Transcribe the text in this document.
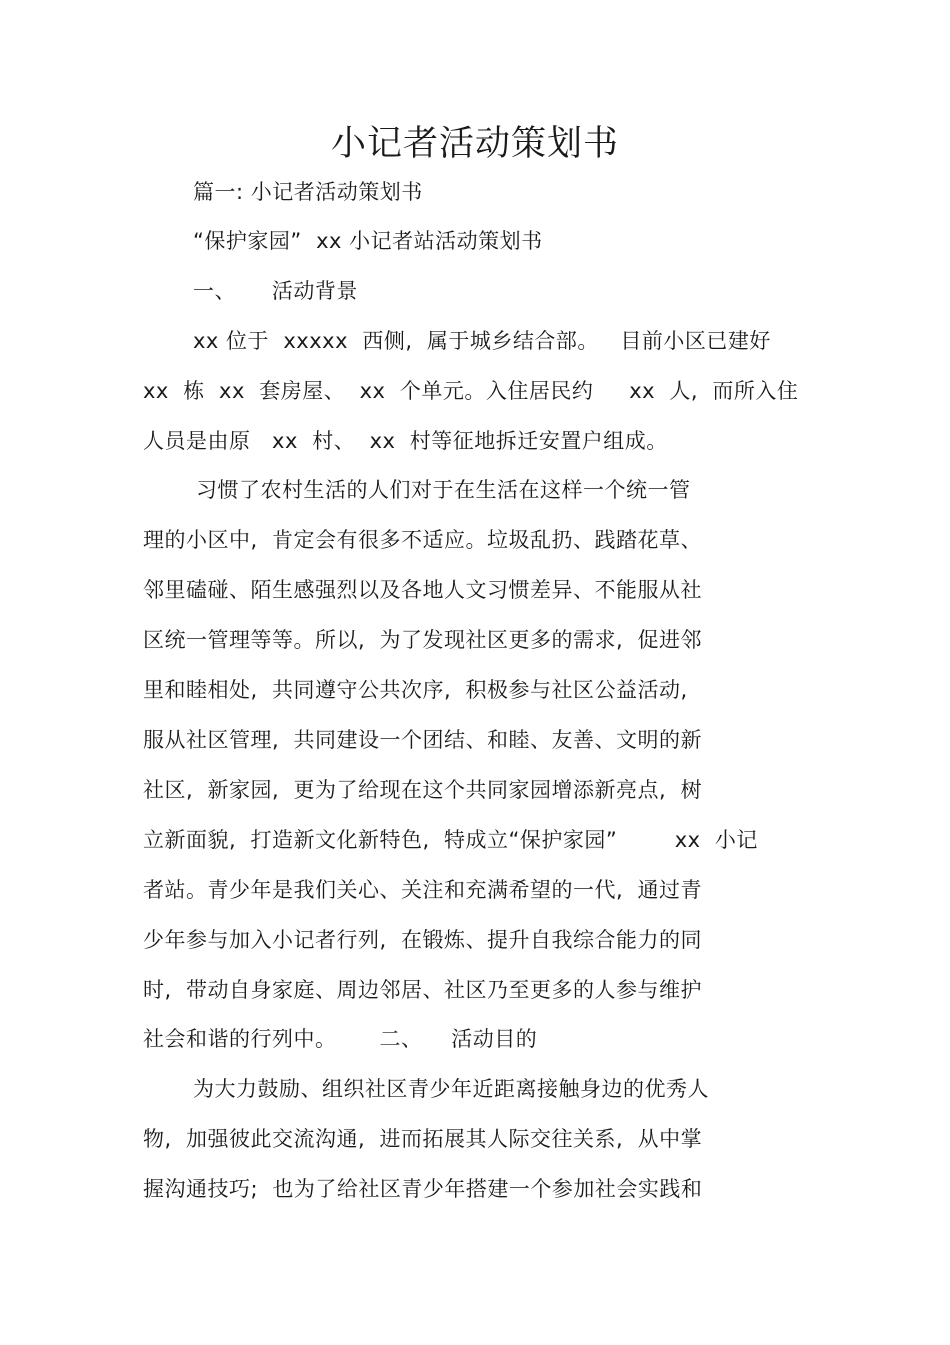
小记者活动策划书
篇一: 小记者活动策划书
“保护家园”  xx 小记者站活动策划书
一、     活动背景
xx 位于  xxxxx  西侧,  属于城乡结合部。   目前小区已建好
xx  栋  xx  套房屋、  xx  个单元。入住居民约     xx  人,  而所入住
人员是由原   xx  村、  xx  村等征地拆迁安置户组成。
习惯了农村生活的人们对于在生活在这样一个统一管
理的小区中,  肯定会有很多不适应。垃圾乱扔、践踏花草、
邻里磕碰、陌生感强烈以及各地人文习惯差异、不能服从社
区统一管理等等。所以,  为了发现社区更多的需求,  促进邻
里和睦相处,  共同遵守公共次序,  积极参与社区公益活动,
服从社区管理,  共同建设一个团结、和睦、友善、文明的新
社区,  新家园,  更为了给现在这个共同家园增添新亮点,  树
立新面貌,  打造新文化新特色,  特成立“保护家园”        xx  小记
者站。青少年是我们关心、关注和充满希望的一代,  通过青
少年参与加入小记者行列,  在锻炼、提升自我综合能力的同
时,  带动自身家庭、周边邻居、社区乃至更多的人参与维护
社会和谐的行列中。      二、    活动目的
为大力鼓励、组织社区青少年近距离接触身边的优秀人
物,  加强彼此交流沟通,  进而拓展其人际交往关系,  从中掌
握沟通技巧;  也为了给社区青少年搭建一个参加社会实践和
